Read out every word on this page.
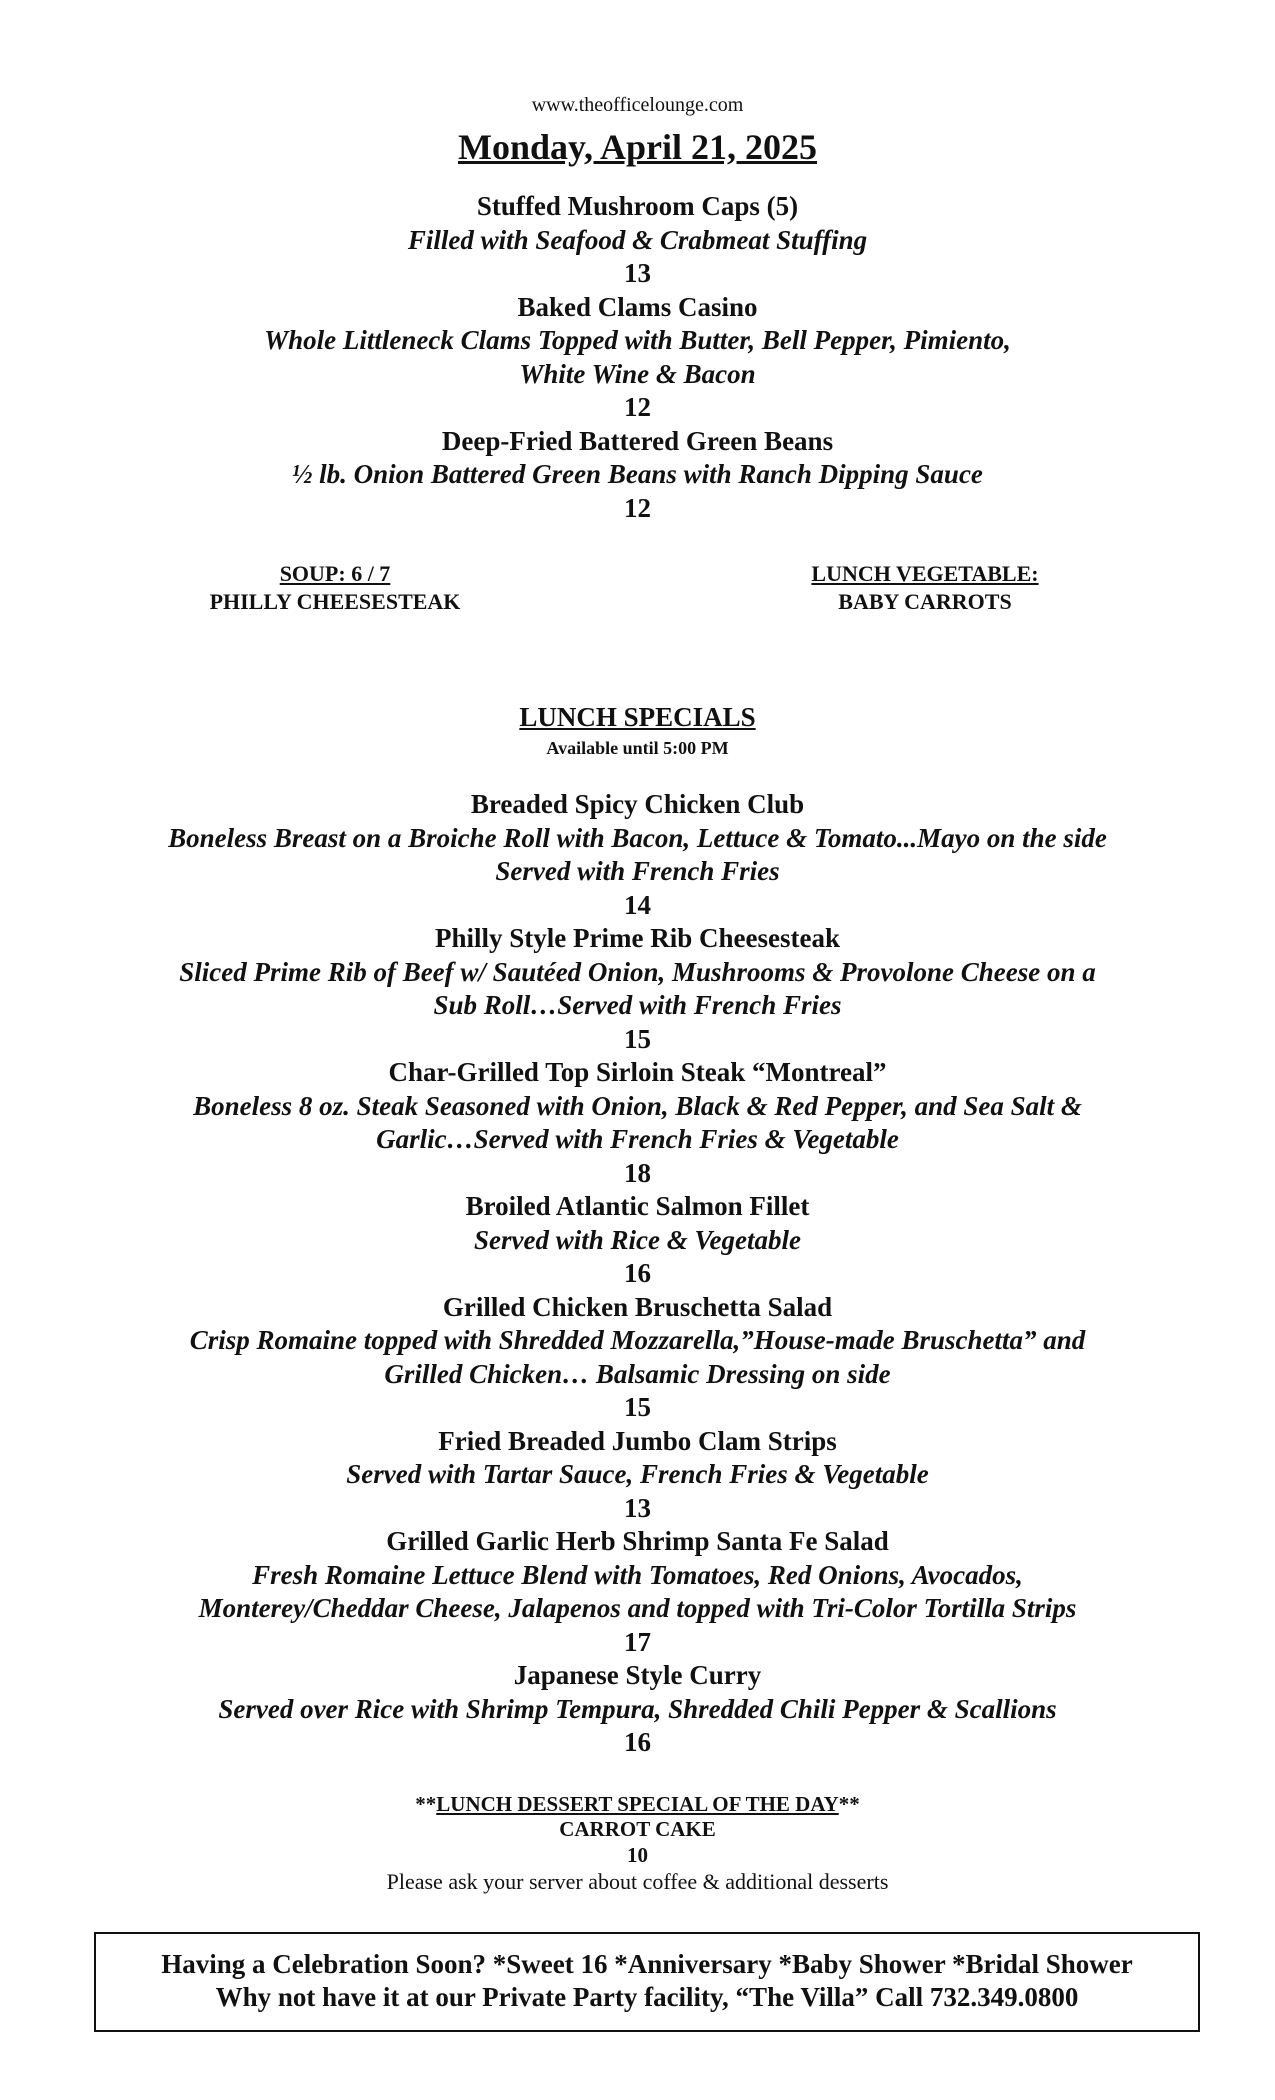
www.theofficelounge.com
Monday, April 21, 2025
Stuffed Mushroom Caps (5)
Filled with Seafood & Crabmeat Stuffing
13
Baked Clams Casino
Whole Littleneck Clams Topped with Butter, Bell Pepper, Pimiento,
White Wine & Bacon
12
Deep-Fried Battered Green Beans
½ lb. Onion Battered Green Beans with Ranch Dipping Sauce
12
SOUP: 6 / 7
PHILLY CHEESESTEAK
LUNCH VEGETABLE:
BABY CARROTS
LUNCH SPECIALS
Available until 5:00 PM
Breaded Spicy Chicken Club
Boneless Breast on a Broiche Roll with Bacon, Lettuce & Tomato...Mayo on the side
Served with French Fries
14
Philly Style Prime Rib Cheesesteak
Sliced Prime Rib of Beef w/ Sautéed Onion, Mushrooms & Provolone Cheese on a
Sub Roll…Served with French Fries
15
Char-Grilled Top Sirloin Steak “Montreal”
Boneless 8 oz. Steak Seasoned with Onion, Black & Red Pepper, and Sea Salt &
Garlic…Served with French Fries & Vegetable
18
Broiled Atlantic Salmon Fillet
Served with Rice & Vegetable
16
Grilled Chicken Bruschetta Salad
Crisp Romaine topped with Shredded Mozzarella,”House-made Bruschetta” and
Grilled Chicken… Balsamic Dressing on side
15
Fried Breaded Jumbo Clam Strips
Served with Tartar Sauce, French Fries & Vegetable
13
Grilled Garlic Herb Shrimp Santa Fe Salad
Fresh Romaine Lettuce Blend with Tomatoes, Red Onions, Avocados,
Monterey/Cheddar Cheese, Jalapenos and topped with Tri-Color Tortilla Strips
17
Japanese Style Curry
Served over Rice with Shrimp Tempura, Shredded Chili Pepper & Scallions
16
**LUNCH DESSERT SPECIAL OF THE DAY**
CARROT CAKE
10
Please ask your server about coffee & additional desserts
Having a Celebration Soon? *Sweet 16 *Anniversary *Baby Shower *Bridal Shower
Why not have it at our Private Party facility, “The Villa” Call 732.349.0800
